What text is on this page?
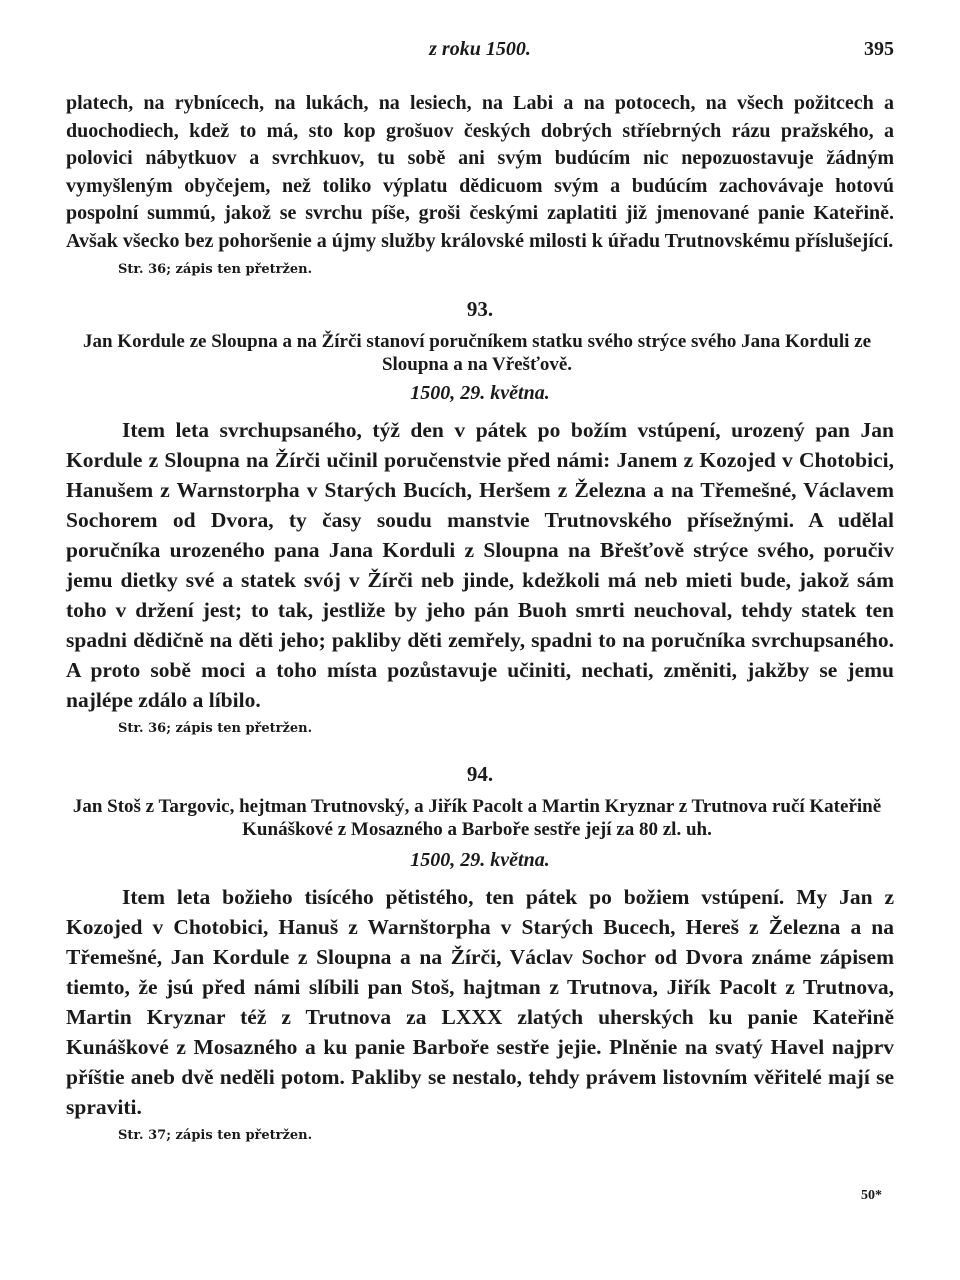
z roku 1500.	395

platech, na rybnícech, na lukách, na lesiech, na Labi a na potocech, na všech požitcech a duochodiech, kdež to má, sto kop grošuov českých dobrých stříebrných rázu pražského, a polovici nábytkuov a svrchkuov, tu sobě ani svým budúcím nic nepozuostavuje žádným vymyšleným obyčejem, než toliko výplatu dědicuom svým a budúcím zachovávaje hotovú pospolní summú, jakož se svrchu píše, groši českými zaplatiti již jmenované panie Kateřině. Avšak všecko bez pohoršenie a újmy služby královské milosti k úřadu Trutnovskému příslušející.

Str. 36; zápis ten přetržen.
93.
Jan Kordule ze Sloupna a na Žírči stanoví poručníkem statku svého strýce svého Jana Korduli ze Sloupna a na Vřešťově.
1500, 29. května.

Item leta svrchupsaného, týž den v pátek po božím vstúpení, urozený pan Jan Kordule z Sloupna na Žírči učinil poručenstvie před námi: Janem z Kozojed v Chotobici, Hanušem z Warnstorpha v Starých Bucích, Heršem z Železna a na Třemešné, Václavem Sochorem od Dvora, ty časy soudu manstvie Trutnovského přísežnými. A udělal poručníka urozeného pana Jana Korduli z Sloupna na Břešťově strýce svého, poručiv jemu dietky své a statek svój v Žírči neb jinde, kdežkoli má neb mieti bude, jakož sám toho v držení jest; to tak, jestliže by jeho pán Buoh smrti neuchoval, tehdy statek ten spadni dědičně na děti jeho; pakliby děti zemřely, spadni to na poručníka svrchupsaného. A proto sobě moci a toho místa pozůstavuje učiniti, nechati, změniti, jakžby se jemu najlépe zdálo a líbilo.

Str. 36; zápis ten přetržen.
94.
Jan Stoš z Targovic, hejtman Trutnovský, a Jiřík Pacolt a Martin Kryznar z Trutnova ručí Kateřině Kunáškové z Mosazného a Barboře sestře její za 80 zl. uh.
1500, 29. května.

Item leta božieho tisícého pětistého, ten pátek po božiem vstúpení. My Jan z Kozojed v Chotobici, Hanuš z Warnštorpha v Starých Bucech, Hereš z Železna a na Třemešné, Jan Kordule z Sloupna a na Žírči, Václav Sochor od Dvora známe zápisem tiemto, že jsú před námi slíbili pan Stoš, hajtman z Trutnova, Jiřík Pacolt z Trutnova, Martin Kryznar též z Trutnova za LXXX zlatých uherských ku panie Kateřině Kunáškové z Mosazného a ku panie Barboře sestře jejie. Plněnie na svatý Havel najprv příštie aneb dvě neděli potom. Pakliby se nestalo, tehdy právem listovním věřitelé mají se spraviti.

Str. 37; zápis ten přetržen.
50*
